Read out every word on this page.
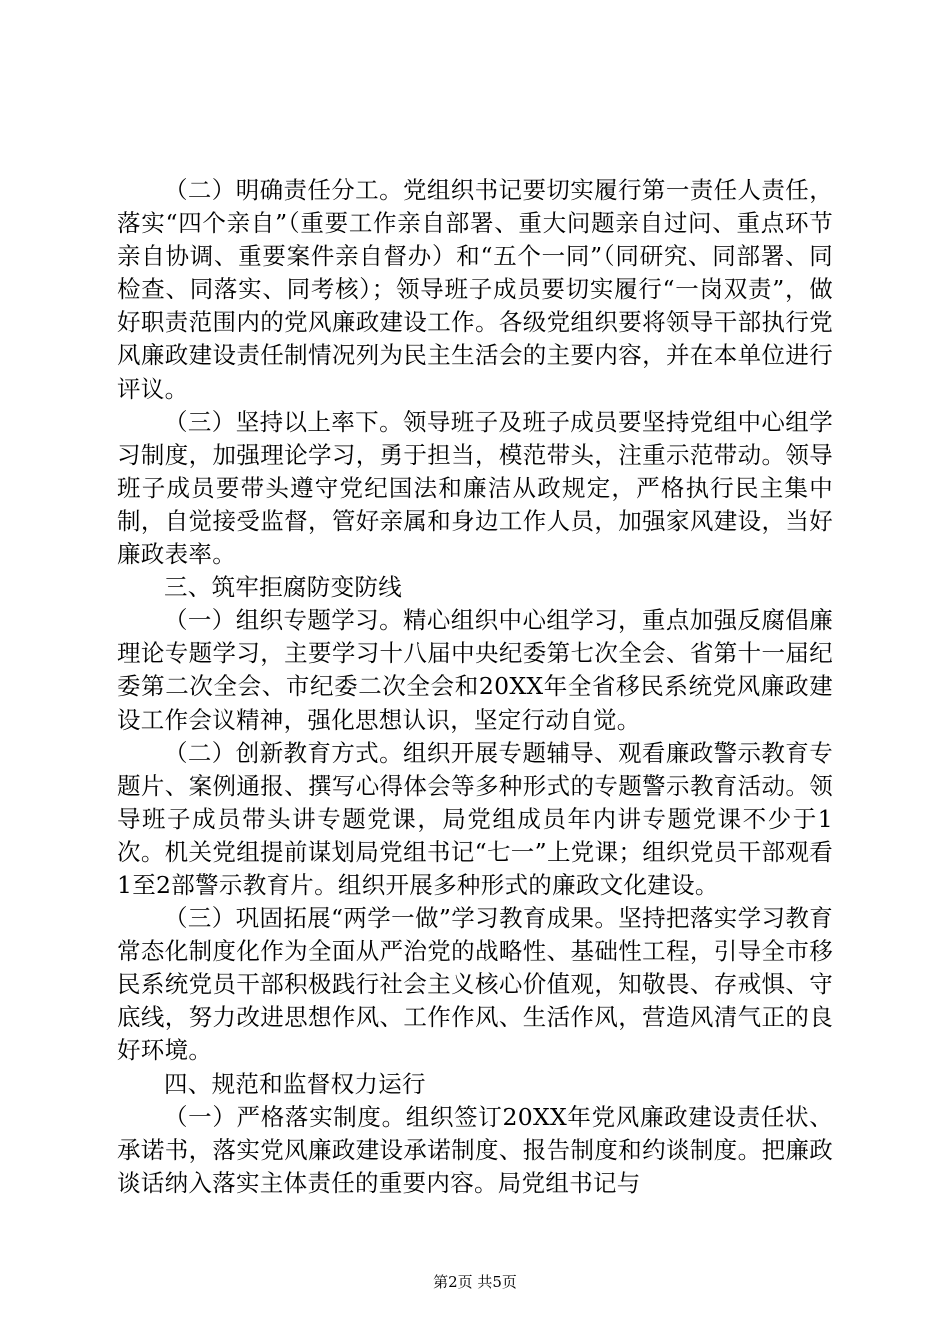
（二）明确责任分工。党组织书记要切实履行第一责任人责任，落实“四个亲自”（重要工作亲自部署、重大问题亲自过问、重点环节亲自协调、重要案件亲自督办）和“五个一同”（同研究、同部署、同检查、同落实、同考核）；领导班子成员要切实履行“一岗双责”，做好职责范围内的党风廉政建设工作。各级党组织要将领导干部执行党风廉政建设责任制情况列为民主生活会的主要内容，并在本单位进行评议。

（三）坚持以上率下。领导班子及班子成员要坚持党组中心组学习制度，加强理论学习，勇于担当，模范带头，注重示范带动。领导班子成员要带头遵守党纪国法和廉洁从政规定，严格执行民主集中制，自觉接受监督，管好亲属和身边工作人员，加强家风建设，当好廉政表率。

三、筑牢拒腐防变防线

（一）组织专题学习。精心组织中心组学习，重点加强反腐倡廉理论专题学习，主要学习十八届中央纪委第七次全会、省第十一届纪委第二次全会、市纪委二次全会和20XX年全省移民系统党风廉政建设工作会议精神，强化思想认识，坚定行动自觉。

（二）创新教育方式。组织开展专题辅导、观看廉政警示教育专题片、案例通报、撰写心得体会等多种形式的专题警示教育活动。领导班子成员带头讲专题党课，局党组成员年内讲专题党课不少于1次。机关党组提前谋划局党组书记“七一”上党课；组织党员干部观看1至2部警示教育片。组织开展多种形式的廉政文化建设。

（三）巩固拓展“两学一做”学习教育成果。坚持把落实学习教育常态化制度化作为全面从严治党的战略性、基础性工程，引导全市移民系统党员干部积极践行社会主义核心价值观，知敬畏、存戒惧、守底线，努力改进思想作风、工作作风、生活作风，营造风清气正的良好环境。

四、规范和监督权力运行

（一）严格落实制度。组织签订20XX年党风廉政建设责任状、承诺书，落实党风廉政建设承诺制度、报告制度和约谈制度。把廉政谈话纳入落实主体责任的重要内容。局党组书记与

第2页 共5页
